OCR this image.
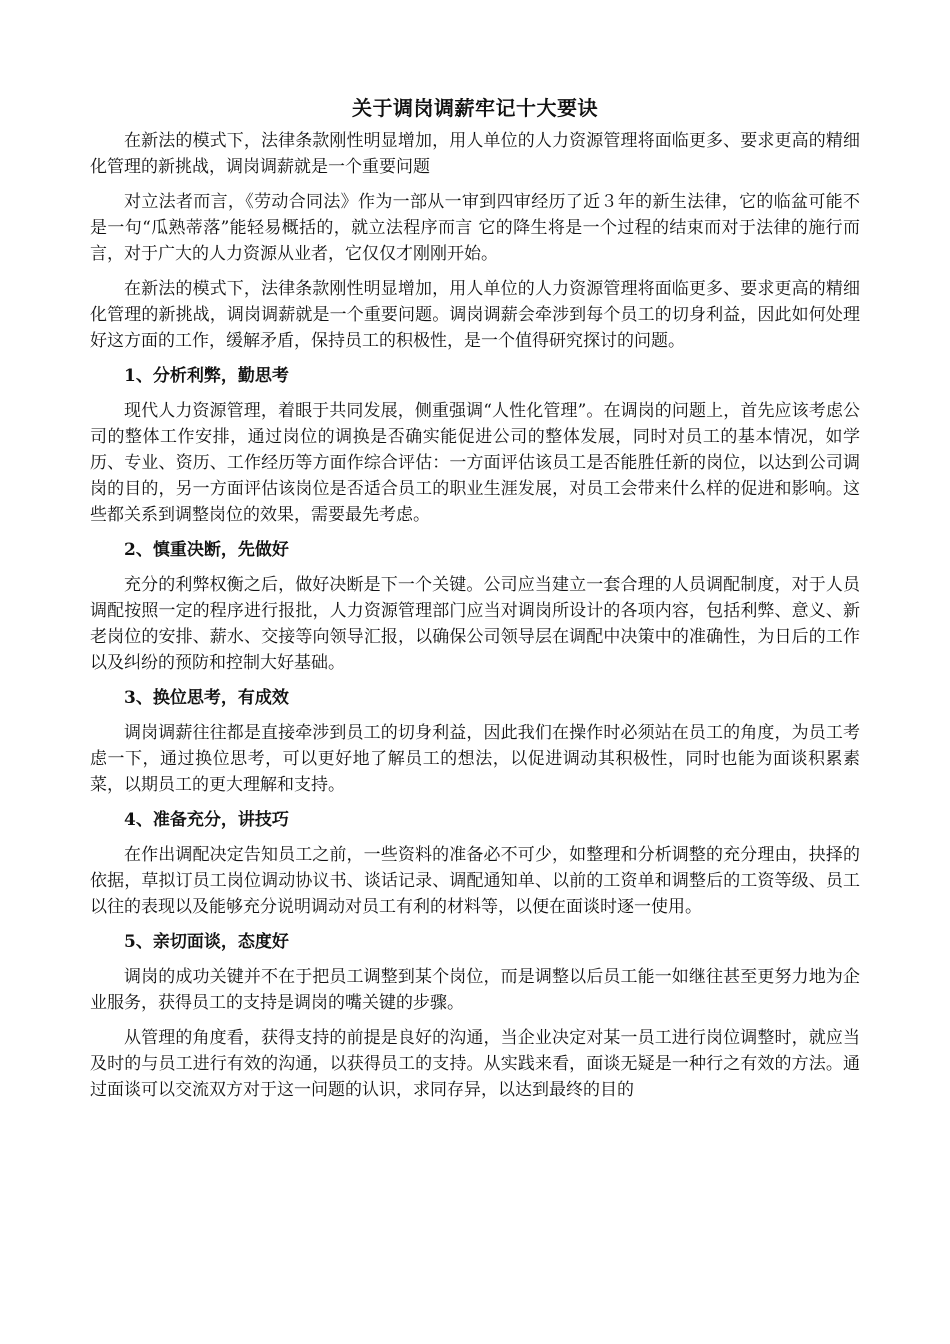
关于调岗调薪牢记十大要诀

在新法的模式下，法律条款刚性明显增加，用人单位的人力资源管理将面临更多、要求更高的精细化管理的新挑战，调岗调薪就是一个重要问题

对立法者而言，《劳动合同法》作为一部从一审到四审经历了近３年的新生法律，它的临盆可能不是一句“瓜熟蒂落”能轻易概括的，就立法程序而言 它的降生将是一个过程的结束而对于法律的施行而言，对于广大的人力资源从业者，它仅仅才刚刚开始。

在新法的模式下，法律条款刚性明显增加，用人单位的人力资源管理将面临更多、要求更高的精细化管理的新挑战，调岗调薪就是一个重要问题。调岗调薪会牵涉到每个员工的切身利益，因此如何处理好这方面的工作，缓解矛盾，保持员工的积极性，是一个值得研究探讨的问题。

1、分析利弊，勤思考

现代人力资源管理，着眼于共同发展，侧重强调“人性化管理”。在调岗的问题上，首先应该考虑公司的整体工作安排，通过岗位的调换是否确实能促进公司的整体发展，同时对员工的基本情况，如学历、专业、资历、工作经历等方面作综合评估：一方面评估该员工是否能胜任新的岗位，以达到公司调岗的目的，另一方面评估该岗位是否适合员工的职业生涯发展，对员工会带来什么样的促进和影响。这些都关系到调整岗位的效果，需要最先考虑。

2、慎重决断，先做好

充分的利弊权衡之后，做好决断是下一个关键。公司应当建立一套合理的人员调配制度，对于人员调配按照一定的程序进行报批，人力资源管理部门应当对调岗所设计的各项内容，包括利弊、意义、新老岗位的安排、薪水、交接等向领导汇报，以确保公司领导层在调配中决策中的准确性，为日后的工作以及纠纷的预防和控制大好基础。

3、换位思考，有成效

调岗调薪往往都是直接牵涉到员工的切身利益，因此我们在操作时必须站在员工的角度，为员工考虑一下，通过换位思考，可以更好地了解员工的想法，以促进调动其积极性，同时也能为面谈积累素菜，以期员工的更大理解和支持。

4、准备充分，讲技巧

在作出调配决定告知员工之前，一些资料的准备必不可少，如整理和分析调整的充分理由，抉择的依据，草拟订员工岗位调动协议书、谈话记录、调配通知单、以前的工资单和调整后的工资等级、员工以往的表现以及能够充分说明调动对员工有利的材料等，以便在面谈时逐一使用。

5、亲切面谈，态度好

调岗的成功关键并不在于把员工调整到某个岗位，而是调整以后员工能一如继往甚至更努力地为企业服务，获得员工的支持是调岗的嘴关键的步骤。

从管理的角度看，获得支持的前提是良好的沟通，当企业决定对某一员工进行岗位调整时，就应当及时的与员工进行有效的沟通，以获得员工的支持。从实践来看，面谈无疑是一种行之有效的方法。通过面谈可以交流双方对于这一问题的认识，求同存异，以达到最终的目的
